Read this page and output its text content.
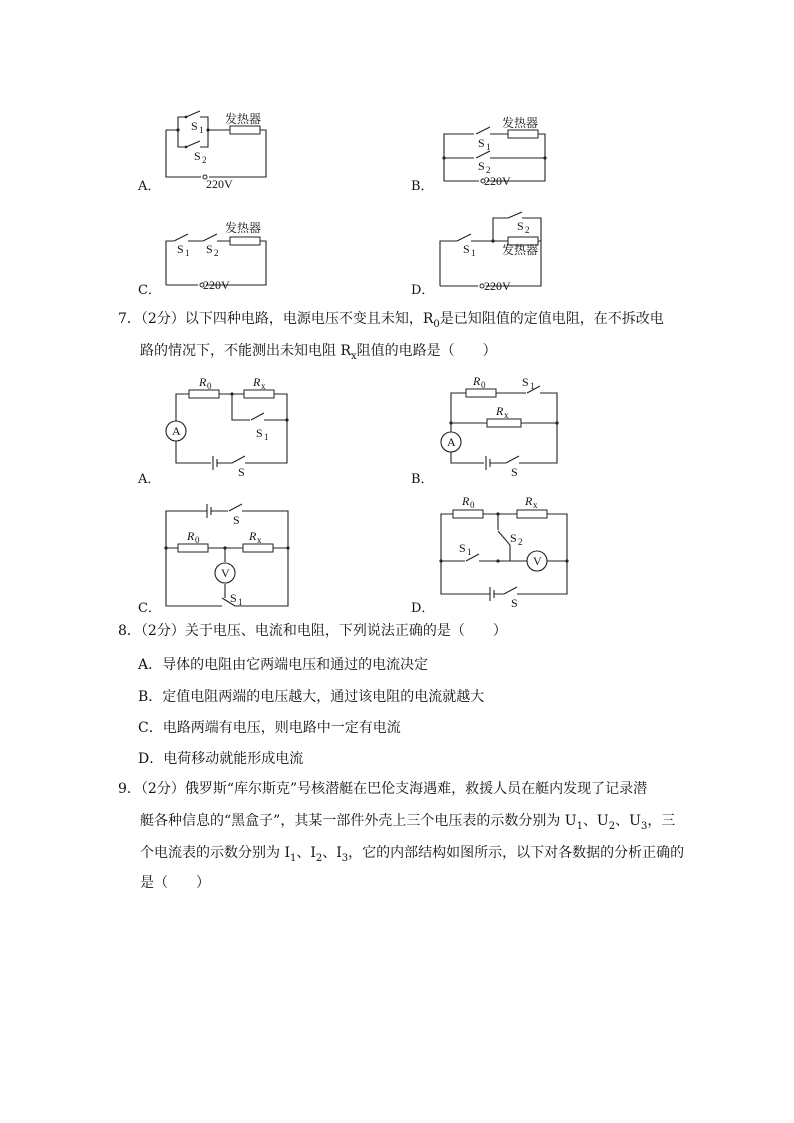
S 1
S 2
发热器
220V
S 1
S 2
发热器
220V
S 1 S 2
发热器
220V
S 1
S 2
发热器
220V
A
R 0	R x
S 1
S
A
R 0
R x
S 1
S
V
R 0	R x
S
S 1
V
R 0	R x
S 1
S 2
S
A．	B．
C．	D．
7．（2分）以下四种电路，电源电压不变且未知，$R_0$是已知阻值的定值电阻，在不拆改电
路的情况下，不能测出未知电阻 $R_x$阻值的电路是（　　）
A．	B．
C．	D．
8．（2分）关于电压、电流和电阻，下列说法正确的是（　　）
A．导体的电阻由它两端电压和通过的电流决定
B．定值电阻两端的电压越大，通过该电阻的电流就越大
C．电路两端有电压，则电路中一定有电流
D．电荷移动就能形成电流
9．（2分）俄罗斯“库尔斯克”号核潜艇在巴伦支海遇难，救援人员在艇内发现了记录潜
艇各种信息的“黑盒子”，其某一部件外壳上三个电压表的示数分别为 $U_1$、$U_2$、$U_3$，三
个电流表的示数分别为 $I_1$、$I_2$、$I_3$，它的内部结构如图所示，以下对各数据的分析正确的
是（　　）
